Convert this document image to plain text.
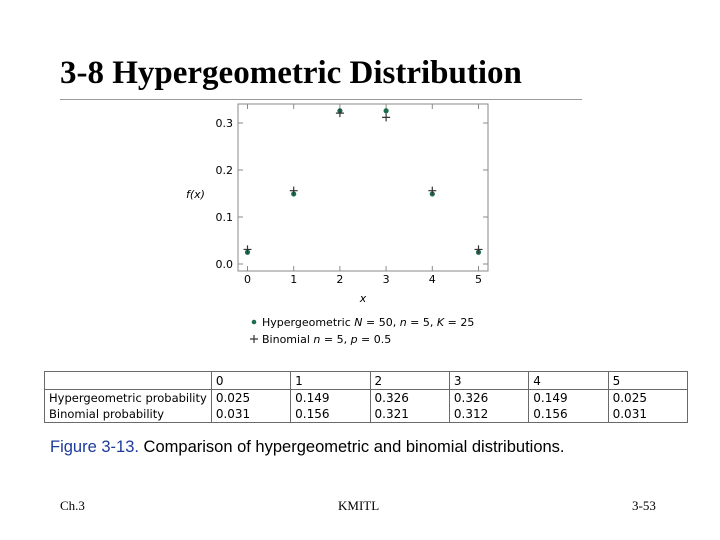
3-8 Hypergeometric Distribution
0.0
0.1
0.2
0.3
0	1	2	3	4	5
f(x)
x
Hypergeometric N = 50, n = 5, K = 25
Binomial n = 5, p = 0.5
	0	1	2	3	4	5
Hypergeometric probability	0.025	0.149	0.326	0.326	0.149	0.025
Binomial probability	0.031	0.156	0.321	0.312	0.156	0.031

Figure 3-13. Comparison of hypergeometric and binomial distributions.

Ch.3	KMITL	3-53
